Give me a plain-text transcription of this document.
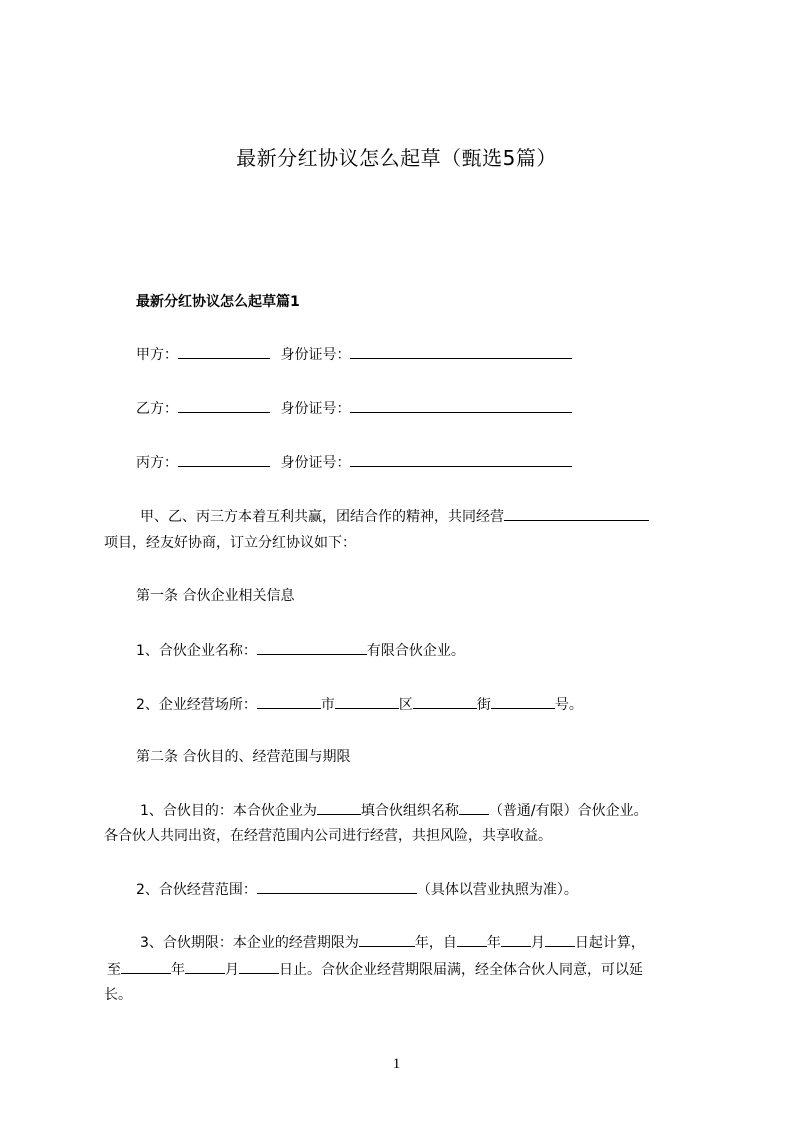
最新分红协议怎么起草（甄选5篇）
最新分红协议怎么起草篇1
甲方：	身份证号：
乙方：	身份证号：
丙方：	身份证号：
甲、乙、丙三方本着互利共赢，团结合作的精神，共同经营
项目，经友好协商，订立分红协议如下：
第一条 合伙企业相关信息
1、合伙企业名称：	有限合伙企业。
2、企业经营场所：	市	区	街	号。
第二条 合伙目的、经营范围与期限
1、合伙目的：本合伙企业为	填合伙组织名称 （普通/有限）合伙企业。
各合伙人共同出资，在经营范围内公司进行经营，共担风险，共享收益。
2、合伙经营范围：	（具体以营业执照为准）。
3、合伙期限：本企业的经营期限为	年，自 年 月 日起计算，
至	年	月	日止。合伙企业经营期限届满，经全体合伙人同意，可以延
长。
1
